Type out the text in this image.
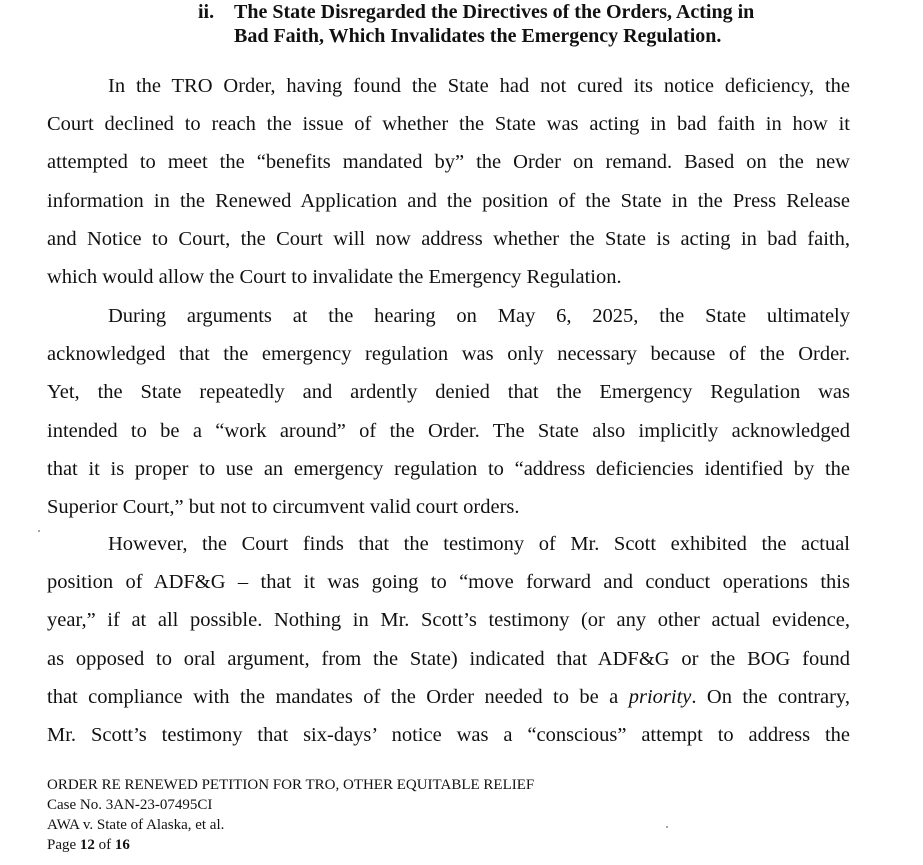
ii. The State Disregarded the Directives of the Orders, Acting in
Bad Faith, Which Invalidates the Emergency Regulation.
In the TRO Order, having found the State had not cured its notice deficiency, the
Court declined to reach the issue of whether the State was acting in bad faith in how it
attempted to meet the “benefits mandated by” the Order on remand. Based on the new
information in the Renewed Application and the position of the State in the Press Release
and Notice to Court, the Court will now address whether the State is acting in bad faith,
which would allow the Court to invalidate the Emergency Regulation.
During arguments at the hearing on May 6, 2025, the State ultimately
acknowledged that the emergency regulation was only necessary because of the Order.
Yet, the State repeatedly and ardently denied that the Emergency Regulation was
intended to be a “work around” of the Order. The State also implicitly acknowledged
that it is proper to use an emergency regulation to “address deficiencies identified by the
Superior Court,” but not to circumvent valid court orders.
However, the Court finds that the testimony of Mr. Scott exhibited the actual
position of ADF&G – that it was going to “move forward and conduct operations this
year,” if at all possible. Nothing in Mr. Scott’s testimony (or any other actual evidence,
as opposed to oral argument, from the State) indicated that ADF&G or the BOG found
that compliance with the mandates of the Order needed to be a priority. On the contrary,
Mr. Scott’s testimony that six-days’ notice was a “conscious” attempt to address the
ORDER RE RENEWED PETITION FOR TRO, OTHER EQUITABLE RELIEF
Case No. 3AN-23-07495CI
AWA v. State of Alaska, et al.
Page 12 of 16
